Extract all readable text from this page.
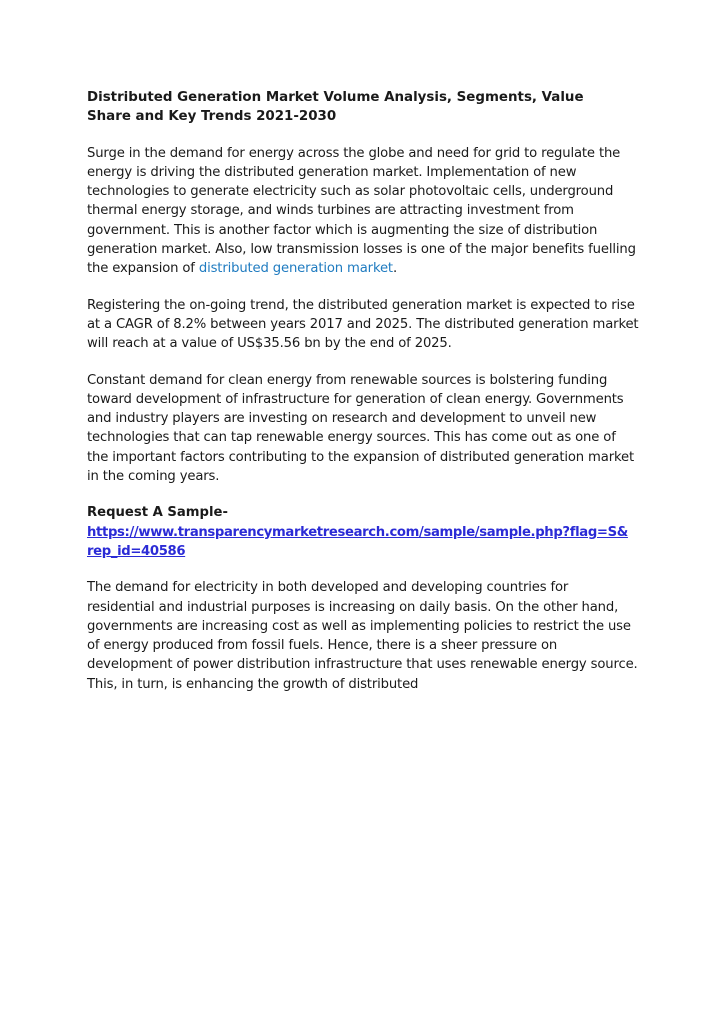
Distributed Generation Market Volume Analysis, Segments, Value Share and Key Trends 2021-2030

Surge in the demand for energy across the globe and need for grid to regulate the energy is driving the distributed generation market. Implementation of new technologies to generate electricity such as solar photovoltaic cells, underground thermal energy storage, and winds turbines are attracting investment from government. This is another factor which is augmenting the size of distribution generation market. Also, low transmission losses is one of the major benefits fuelling the expansion of distributed generation market.

Registering the on-going trend, the distributed generation market is expected to rise at a CAGR of 8.2% between years 2017 and 2025. The distributed generation market will reach at a value of US$35.56 bn by the end of 2025.

Constant demand for clean energy from renewable sources is bolstering funding toward development of infrastructure for generation of clean energy. Governments and industry players are investing on research and development to unveil new technologies that can tap renewable energy sources. This has come out as one of the important factors contributing to the expansion of distributed generation market in the coming years.

Request A Sample-
https://www.transparencymarketresearch.com/sample/sample.php?flag=S&rep_id=40586

The demand for electricity in both developed and developing countries for residential and industrial purposes is increasing on daily basis. On the other hand, governments are increasing cost as well as implementing policies to restrict the use of energy produced from fossil fuels. Hence, there is a sheer pressure on development of power distribution infrastructure that uses renewable energy source. This, in turn, is enhancing the growth of distributed
